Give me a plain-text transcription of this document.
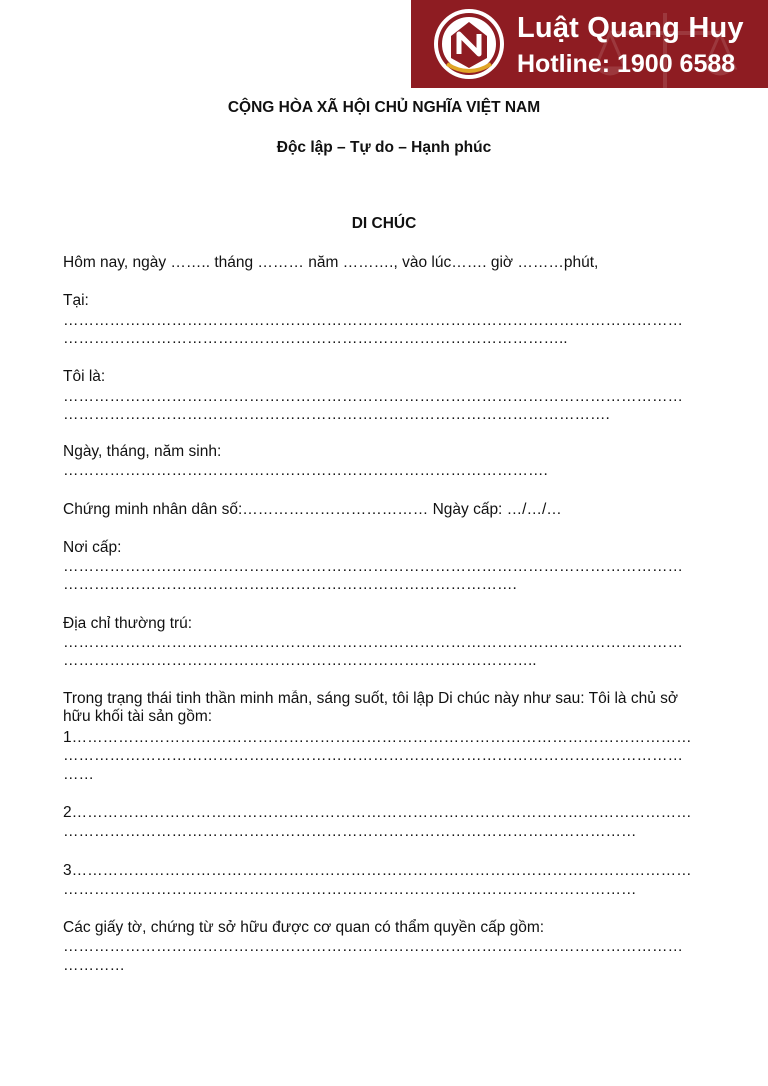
Luật Quang Huy
Hotline: 1900 6588
CỘNG HÒA XÃ HỘI CHỦ NGHĨA VIỆT NAM
Độc lập – Tự do – Hạnh phúc
DI CHÚC
Hôm nay, ngày …….. tháng ……… năm ………., vào lúc……. giờ ………phút,
Tại:
…………………………………………………………………………………………………………
……………………………………………………………………………………..
Tôi là:
…………………………………………………………………………………………………………
…………………………………………………………………………………………….
Ngày, tháng, năm sinh:
………………………………………………………………………………….
Chứng minh nhân dân số:……………………………… Ngày cấp: …/…/…
Nơi cấp:
…………………………………………………………………………………………………………
…………………………………………………………………………….
Địa chỉ thường trú:
…………………………………………………………………………………………………………
………………………………………………………………………………..
Trong trạng thái tinh thần minh mẫn, sáng suốt, tôi lập Di chúc này như sau: Tôi là chủ sở hữu khối tài sản gồm:
1…………………………………………………………………………………………………………
…………………………………………………………………………………………………………
……
2…………………………………………………………………………………………………………
…………………………………………………………………………………………………
3…………………………………………………………………………………………………………
…………………………………………………………………………………………………
Các giấy tờ, chứng từ sở hữu được cơ quan có thẩm quyền cấp gồm:
…………………………………………………………………………………………………………
…………
